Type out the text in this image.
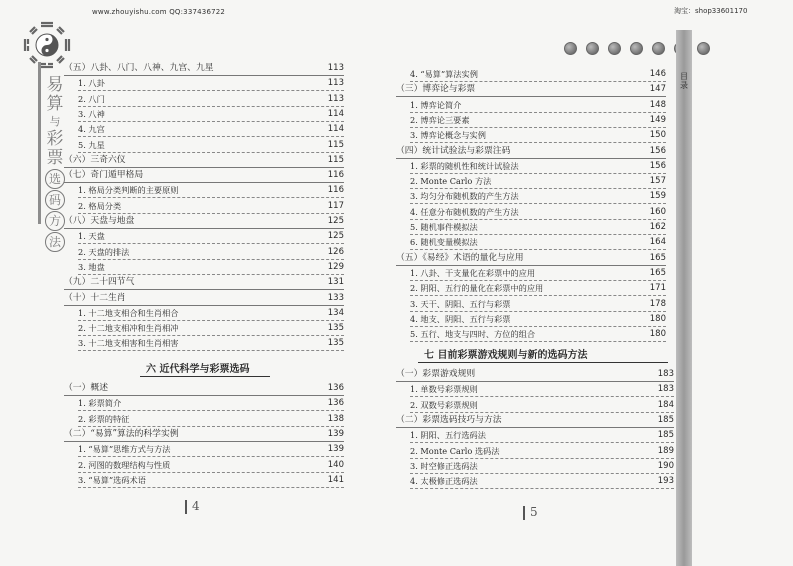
www.zhouyishu.com QQ:337436722	淘宝：shop33601170
易
算
与
彩
票
选
码
方
法

目录
（五）八卦、八门、八神、九宫、九星	113
1. 八卦	113
2. 八门	113
3. 八神	114
4. 九宫	114
5. 九星	115
（六）三奇六仪	115
（七）奇门遁甲格局	116
1. 格局分类判断的主要原则	116
2. 格局分类	117
（八）天盘与地盘	125
1. 天盘	125
2. 天盘的排法	126
3. 地盘	129
（九）二十四节气	131
（十）十二生肖	133
1. 十二地支相合和生肖相合	134
2. 十二地支相冲和生肖相冲	135
3. 十二地支相害和生肖相害	135
六 近代科学与彩票选码
（一）概述	136
1. 彩票简介	136
2. 彩票的特征	138
（二）“易算”算法的科学实例	139
1. “易算”思维方式与方法	139
2. 河图的数理结构与性质	140
3. “易算”选码术语	141
4
4. “易算”算法实例	146
（三）博弈论与彩票	147
1. 博弈论简介	148
2. 博弈论三要素	149
3. 博弈论概念与实例	150
（四）统计试验法与彩票注码	156
1. 彩票的随机性和统计试验法	156
2. Monte Carlo 方法	157
3. 均匀分布随机数的产生方法	159
4. 任意分布随机数的产生方法	160
5. 随机事件模拟法	162
6. 随机变量模拟法	164
（五）《易经》术语的量化与应用	165
1. 八卦、干支量化在彩票中的应用	165
2. 阴阳、五行的量化在彩票中的应用	171
3. 天干、阴阳、五行与彩票	178
4. 地支、阴阳、五行与彩票	180
5. 五行、地支与四时、方位的组合	180
七 目前彩票游戏规则与新的选码方法
（一）彩票游戏规则	183
1. 单数号彩票规则	183
2. 双数号彩票规则	184
（二）彩票选码技巧与方法	185
1. 阴阳、五行选码法	185
2. Monte Carlo 选码法	189
3. 时空修正选码法	190
4. 太极修正选码法	193
5
